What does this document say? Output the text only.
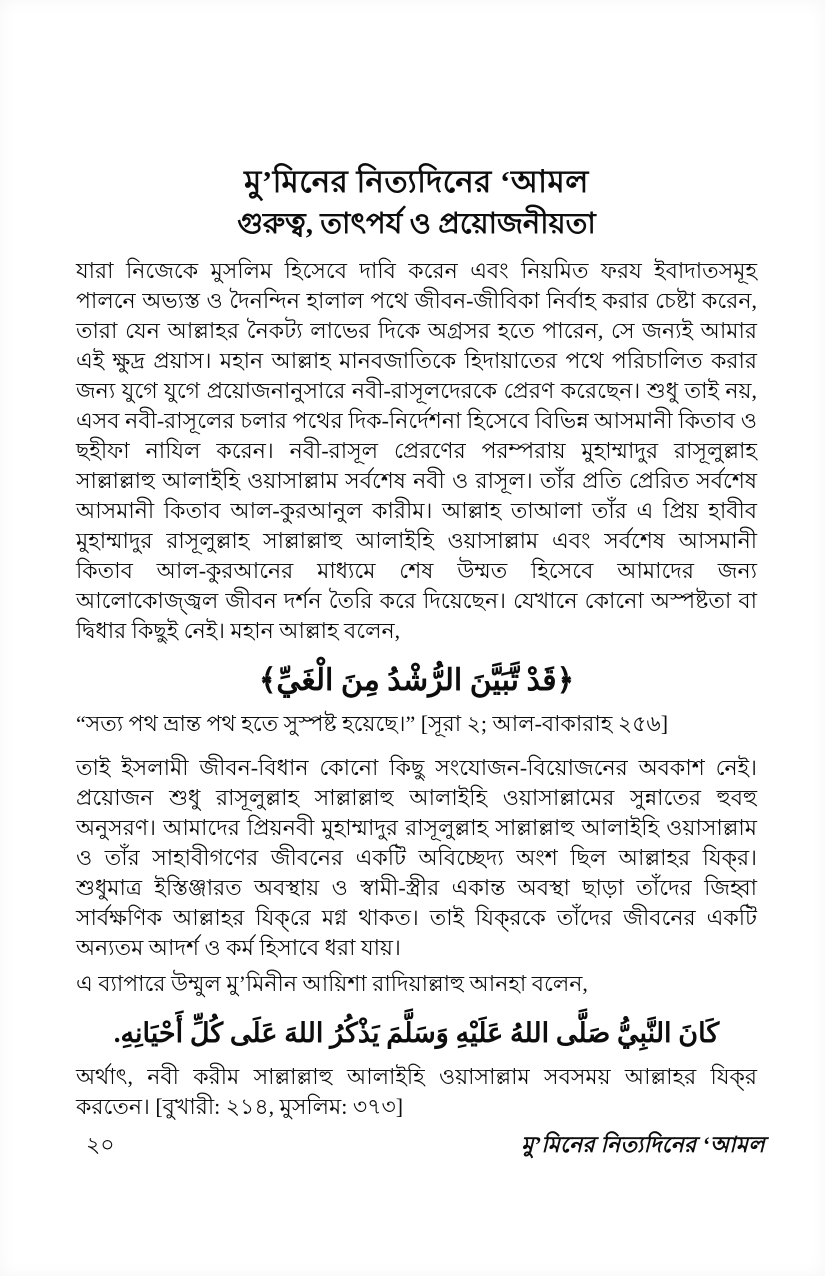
মু’মিনের নিত্যদিনের ‘আমল
গুরুত্ব, তাৎপর্য ও প্রয়োজনীয়তা
যারা নিজেকে মুসলিম হিসেবে দাবি করেন এবং নিয়মিত ফরয ইবাদাতসমূহ পালনে অভ্যস্ত ও দৈনন্দিন হালাল পথে জীবন-জীবিকা নির্বাহ করার চেষ্টা করেন, তারা যেন আল্লাহর নৈকট্য লাভের দিকে অগ্রসর হতে পারেন, সে জন্যই আমার এই ক্ষুদ্র প্রয়াস। মহান আল্লাহ মানবজাতিকে হিদায়াতের পথে পরিচালিত করার জন্য যুগে যুগে প্রয়োজনানুসারে নবী-রাসূলদেরকে প্রেরণ করেছেন। শুধু তাই নয়, এসব নবী-রাসূলের চলার পথের দিক-নির্দেশনা হিসেবে বিভিন্ন আসমানী কিতাব ও ছহীফা নাযিল করেন। নবী-রাসূল প্রেরণের পরম্পরায় মুহাম্মাদুর রাসূলুল্লাহ সাল্লাল্লাহু আলাইহি ওয়াসাল্লাম সর্বশেষ নবী ও রাসূল। তাঁর প্রতি প্রেরিত সর্বশেষ আসমানী কিতাব আল-কুরআনুল কারীম। আল্লাহ তাআলা তাঁর এ প্রিয় হাবীব মুহাম্মাদুর রাসূলুল্লাহ সাল্লাল্লাহু আলাইহি ওয়াসাল্লাম এবং সর্বশেষ আসমানী কিতাব আল-কুরআনের মাধ্যমে শেষ উম্মত হিসেবে আমাদের জন্য আলোকোজ্জ্বল জীবন দর্শন তৈরি করে দিয়েছেন। যেখানে কোনো অস্পষ্টতা বা দ্বিধার কিছুই নেই। মহান আল্লাহ বলেন,
﴿قَدْ تَّبَيَّنَ الرُّشْدُ مِنَ الْغَيِّ﴾
“সত্য পথ ভ্রান্ত পথ হতে সুস্পষ্ট হয়েছে।” [সূরা ২; আল-বাকারাহ ২৫৬]
তাই ইসলামী জীবন-বিধান কোনো কিছু সংযোজন-বিয়োজনের অবকাশ নেই। প্রয়োজন শুধু রাসূলুল্লাহ সাল্লাল্লাহু আলাইহি ওয়াসাল্লামের সুন্নাতের হুবহু অনুসরণ। আমাদের প্রিয়নবী মুহাম্মাদুর রাসূলুল্লাহ সাল্লাল্লাহু আলাইহি ওয়াসাল্লাম ও তাঁর সাহাবীগণের জীবনের একটি অবিচ্ছেদ্য অংশ ছিল আল্লাহর যিক্‌র। শুধুমাত্র ইস্তিঞ্জারত অবস্থায় ও স্বামী-স্ত্রীর একান্ত অবস্থা ছাড়া তাঁদের জিহ্বা সার্বক্ষণিক আল্লাহর যিক্‌রে মগ্ন থাকত। তাই যিক্‌রকে তাঁদের জীবনের একটি অন্যতম আদর্শ ও কর্ম হিসাবে ধরা যায়।
এ ব্যাপারে উম্মুল মু’মিনীন আয়িশা রাদিয়াল্লাহু আনহা বলেন,
كَانَ النَّبِيُّ صَلَّى اللهُ عَلَيْهِ وَسَلَّمَ يَذْكُرُ اللهَ عَلَى كُلِّ أَحْيَانِهِ.
অর্থাৎ, নবী করীম সাল্লাল্লাহু আলাইহি ওয়াসাল্লাম সবসময় আল্লাহর যিক্‌র করতেন। [বুখারী: ২১৪, মুসলিম: ৩৭৩]
২০	মু’মিনের নিত্যদিনের ‘আমল
